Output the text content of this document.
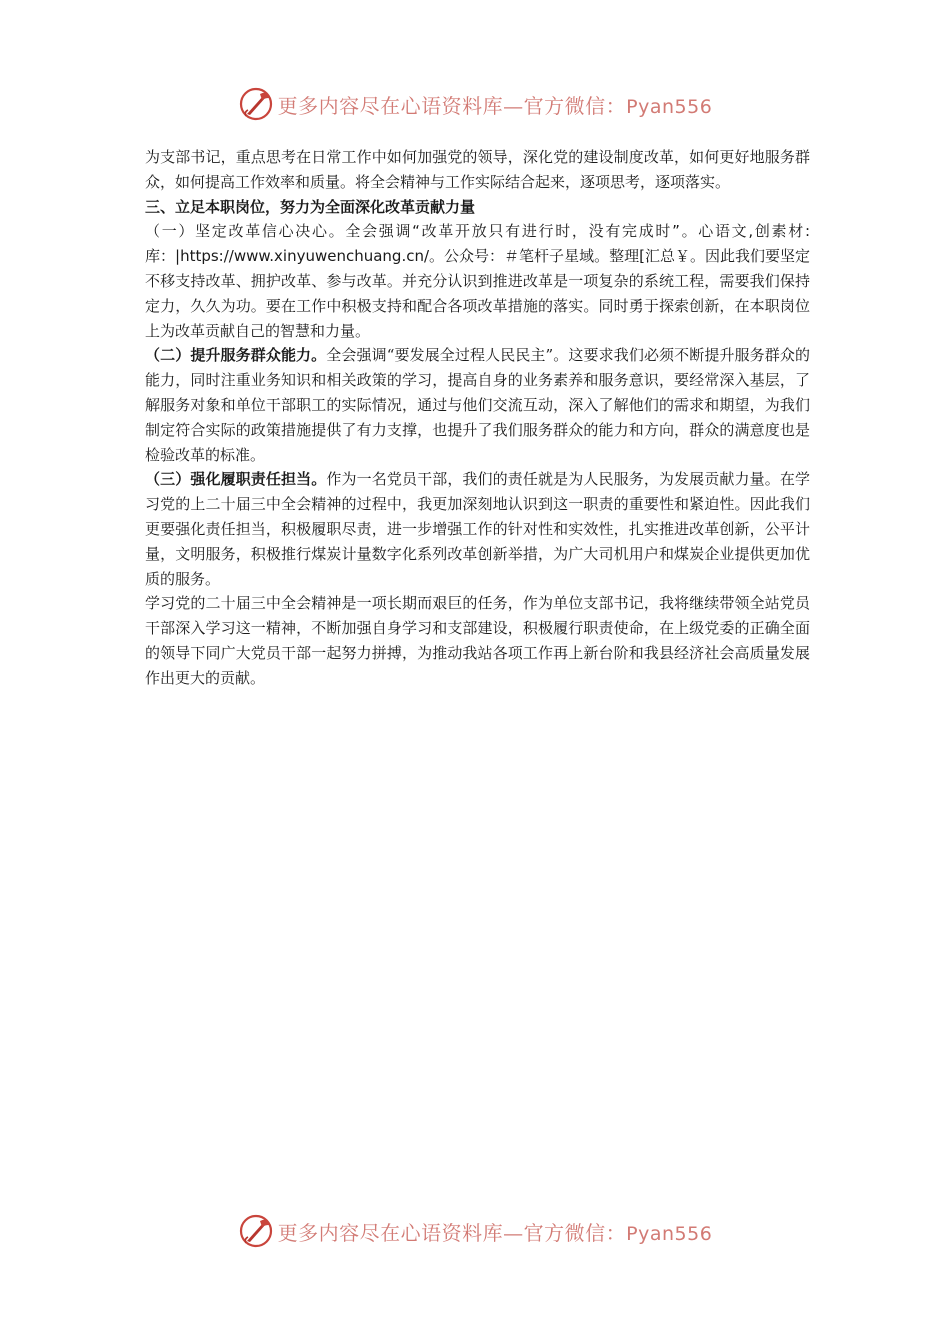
更多内容尽在心语资料库—官方微信：Pyan556

为支部书记，重点思考在日常工作中如何加强党的领导，深化党的建设制度改革，如何更好地服务群众，如何提高工作效率和质量。将全会精神与工作实际结合起来，逐项思考，逐项落实。

三、立足本职岗位，努力为全面深化改革贡献力量

（一）坚定改革信心决心。全会强调“改革开放只有进行时，没有完成时”。心语文,创素材:库：|https://www.xinyuwenchuang.cn/。公众号：＃笔杆子星域。整理[汇总￥。因此我们要坚定不移支持改革、拥护改革、参与改革。并充分认识到推进改革是一项复杂的系统工程，需要我们保持定力，久久为功。要在工作中积极支持和配合各项改革措施的落实。同时勇于探索创新，在本职岗位上为改革贡献自己的智慧和力量。

（二）提升服务群众能力。全会强调“要发展全过程人民民主”。这要求我们必须不断提升服务群众的能力，同时注重业务知识和相关政策的学习，提高自身的业务素养和服务意识，要经常深入基层，了解服务对象和单位干部职工的实际情况，通过与他们交流互动，深入了解他们的需求和期望，为我们制定符合实际的政策措施提供了有力支撑，也提升了我们服务群众的能力和方向，群众的满意度也是检验改革的标准。

（三）强化履职责任担当。作为一名党员干部，我们的责任就是为人民服务，为发展贡献力量。在学习党的上二十届三中全会精神的过程中，我更加深刻地认识到这一职责的重要性和紧迫性。因此我们更要强化责任担当，积极履职尽责，进一步增强工作的针对性和实效性，扎实推进改革创新，公平计量，文明服务，积极推行煤炭计量数字化系列改革创新举措，为广大司机用户和煤炭企业提供更加优质的服务。

学习党的二十届三中全会精神是一项长期而艰巨的任务，作为单位支部书记，我将继续带领全站党员干部深入学习这一精神，不断加强自身学习和支部建设，积极履行职责使命，在上级党委的正确全面的领导下同广大党员干部一起努力拼搏，为推动我站各项工作再上新台阶和我县经济社会高质量发展作出更大的贡献。

更多内容尽在心语资料库—官方微信：Pyan556
